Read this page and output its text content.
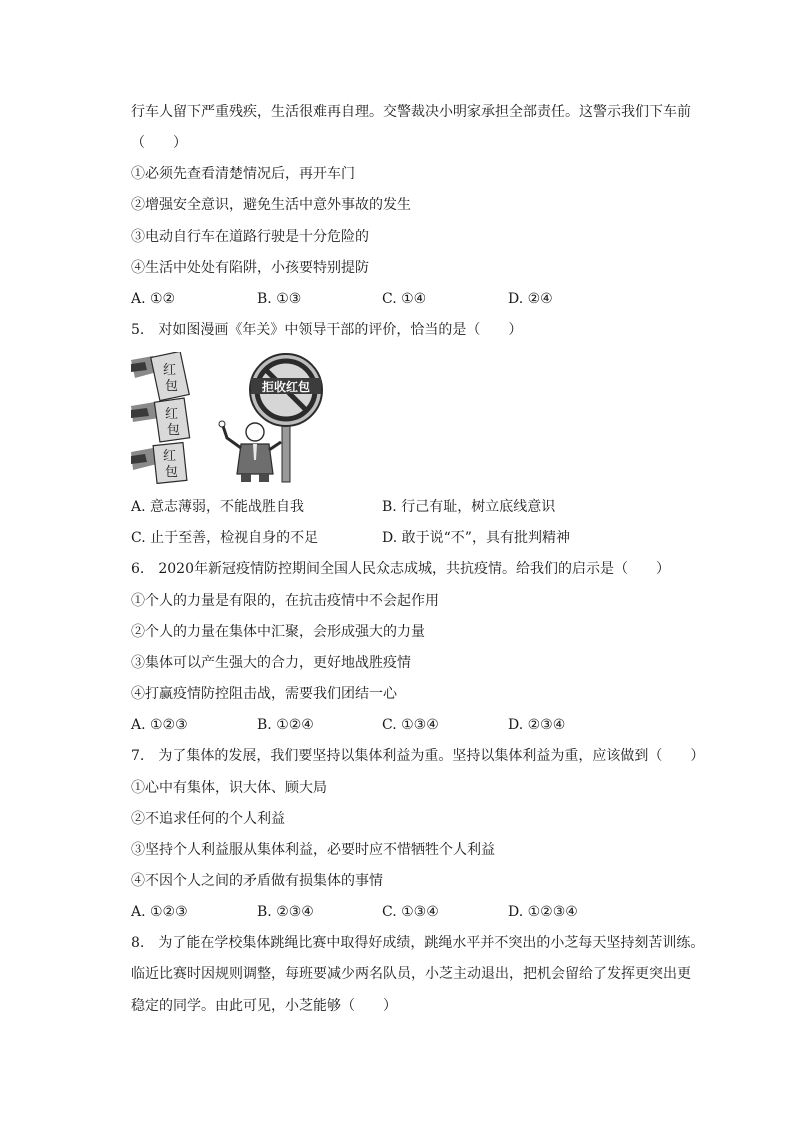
行车人留下严重残疾，生活很难再自理。交警裁决小明家承担全部责任。这警示我们下车前
（　　）
①必须先查看清楚情况后，再开车门
②增强安全意识，避免生活中意外事故的发生
③电动自行车在道路行驶是十分危险的
④生活中处处有陷阱，小孩要特别提防
A. ①②	B. ①③	C. ①④	D. ②④
5.　对如图漫画《年关》中领导干部的评价，恰当的是（　　）
红
包
红
包
红
包
拒收红包
A. 意志薄弱，不能战胜自我	B. 行己有耻，树立底线意识
C. 止于至善，检视自身的不足	D. 敢于说“不”，具有批判精神
6.　2020年新冠疫情防控期间全国人民众志成城，共抗疫情。给我们的启示是（　　）
①个人的力量是有限的，在抗击疫情中不会起作用
②个人的力量在集体中汇聚，会形成强大的力量
③集体可以产生强大的合力，更好地战胜疫情
④打赢疫情防控阻击战，需要我们团结一心
A. ①②③	B. ①②④	C. ①③④	D. ②③④
7.　为了集体的发展，我们要坚持以集体利益为重。坚持以集体利益为重，应该做到（　　）
①心中有集体，识大体、顾大局
②不追求任何的个人利益
③坚持个人利益服从集体利益，必要时应不惜牺牲个人利益
④不因个人之间的矛盾做有损集体的事情
A. ①②③	B. ②③④	C. ①③④	D. ①②③④
8.　为了能在学校集体跳绳比赛中取得好成绩，跳绳水平并不突出的小芝每天坚持刻苦训练。
临近比赛时因规则调整，每班要减少两名队员，小芝主动退出，把机会留给了发挥更突出更
稳定的同学。由此可见，小芝能够（　　）
